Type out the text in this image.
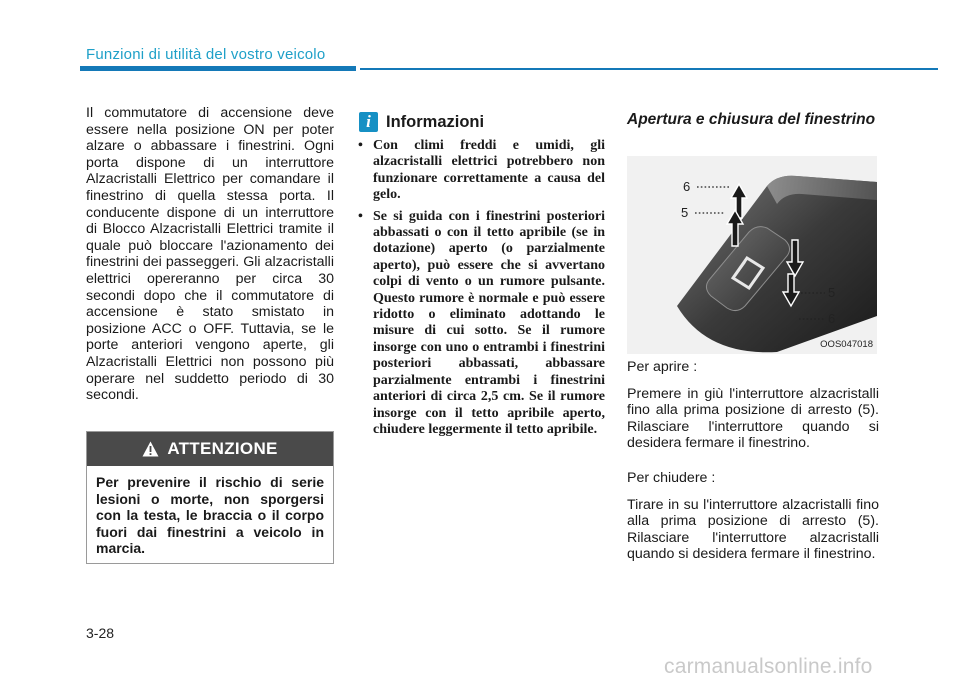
Funzioni di utilità del vostro veicolo
Il commutatore di accensione deve essere nella posizione ON per poter alzare o abbassare i finestrini. Ogni porta dispone di un interruttore Alzacristalli Elettrico per comandare il finestrino di quella stessa porta. Il conducente dispone di un interruttore di Blocco Alzacristalli Elettrici tramite il quale può bloccare l'azionamento dei finestrini dei passeggeri. Gli alzacristalli elettrici opereranno per circa 30 secondi dopo che il commutatore di accensione è stato smistato in posizione ACC o OFF. Tuttavia, se le porte anteriori vengono aperte, gli Alzacristalli Elettrici non possono più operare nel suddetto periodo di 30 secondi.
ATTENZIONE
Per prevenire il rischio di serie lesioni o morte, non sporgersi con la testa, le braccia o il corpo fuori dai finestrini a veicolo in marcia.
i Informazioni
• Con climi freddi e umidi, gli alzacristalli elettrici potrebbero non funzionare correttamente a causa del gelo.
• Se si guida con i finestrini posteriori abbassati o con il tetto apribile (se in dotazione) aperto (o parzialmente aperto), può essere che si avvertano colpi di vento o un rumore pulsante. Questo rumore è normale e può essere ridotto o eliminato adottando le misure di cui sotto. Se il rumore insorge con uno o entrambi i finestrini posteriori abbassati, abbassare parzialmente entrambi i finestrini anteriori di circa 2,5 cm. Se il rumore insorge con il tetto apribile aperto, chiudere leggermente il tetto apribile.
Apertura e chiusura del finestrino
6
5
5
6
OOS047018

Per aprire :

Premere in giù l'interruttore alzacristalli fino alla prima posizione di arresto (5). Rilasciare l'interruttore quando si desidera fermare il finestrino.

Per chiudere :

Tirare in su l'interruttore alzacristalli fino alla prima posizione di arresto (5). Rilasciare l'interruttore alzacristalli quando si desidera fermare il finestrino.

3-28
carmanualsonline.info
